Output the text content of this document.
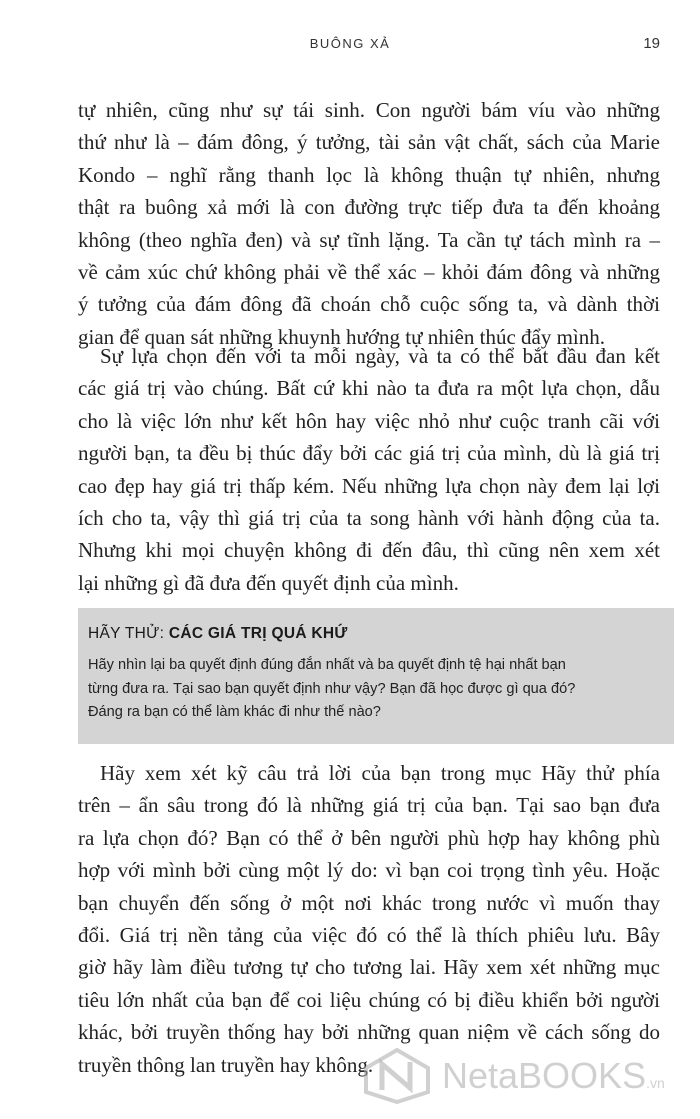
BUÔNG XẢ	19
tự nhiên, cũng như sự tái sinh. Con người bám víu vào những
thứ như là – đám đông, ý tưởng, tài sản vật chất, sách của Marie
Kondo – nghĩ rằng thanh lọc là không thuận tự nhiên, nhưng
thật ra buông xả mới là con đường trực tiếp đưa ta đến khoảng
không (theo nghĩa đen) và sự tĩnh lặng. Ta cần tự tách mình ra –
về cảm xúc chứ không phải về thể xác – khỏi đám đông và những
ý tưởng của đám đông đã choán chỗ cuộc sống ta, và dành thời
gian để quan sát những khuynh hướng tự nhiên thúc đẩy mình.
Sự lựa chọn đến với ta mỗi ngày, và ta có thể bắt đầu đan kết
các giá trị vào chúng. Bất cứ khi nào ta đưa ra một lựa chọn, dẫu
cho là việc lớn như kết hôn hay việc nhỏ như cuộc tranh cãi với
người bạn, ta đều bị thúc đẩy bởi các giá trị của mình, dù là giá trị
cao đẹp hay giá trị thấp kém. Nếu những lựa chọn này đem lại lợi
ích cho ta, vậy thì giá trị của ta song hành với hành động của ta.
Nhưng khi mọi chuyện không đi đến đâu, thì cũng nên xem xét
lại những gì đã đưa đến quyết định của mình.
HÃY THỬ: CÁC GIÁ TRỊ QUÁ KHỨ
Hãy nhìn lại ba quyết định đúng đắn nhất và ba quyết định tệ hại nhất bạn
từng đưa ra. Tại sao bạn quyết định như vậy? Bạn đã học được gì qua đó?
Đáng ra bạn có thể làm khác đi như thế nào?
Hãy xem xét kỹ câu trả lời của bạn trong mục Hãy thử phía
trên – ẩn sâu trong đó là những giá trị của bạn. Tại sao bạn đưa
ra lựa chọn đó? Bạn có thể ở bên người phù hợp hay không phù
hợp với mình bởi cùng một lý do: vì bạn coi trọng tình yêu. Hoặc
bạn chuyển đến sống ở một nơi khác trong nước vì muốn thay
đổi. Giá trị nền tảng của việc đó có thể là thích phiêu lưu. Bây
giờ hãy làm điều tương tự cho tương lai. Hãy xem xét những mục
tiêu lớn nhất của bạn để coi liệu chúng có bị điều khiển bởi người
khác, bởi truyền thống hay bởi những quan niệm về cách sống do
truyền thông lan truyền hay không.	NetaBOOKS.vn
